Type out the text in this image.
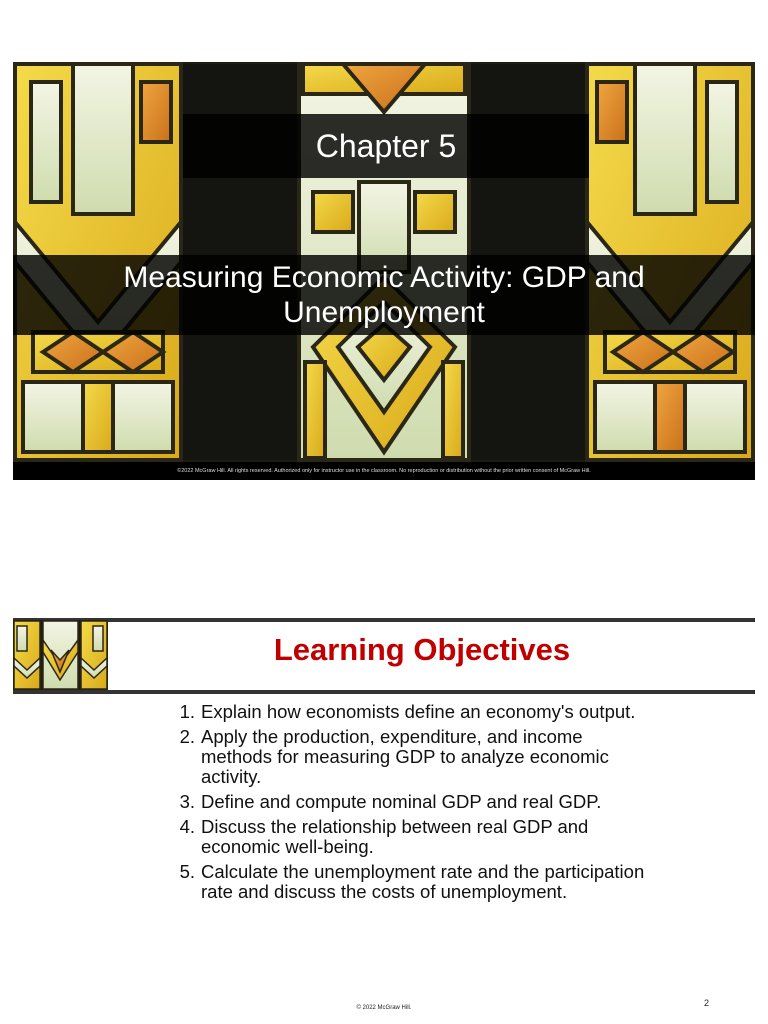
Chapter 5
Measuring Economic Activity: GDP and Unemployment
©2022 McGraw Hill. All rights reserved. Authorized only for instructor use in the classroom. No reproduction or distribution without the prior written consent of McGraw Hill.
Learning Objectives
1. Explain how economists define an economy's output.
2. Apply the production, expenditure, and income methods for measuring GDP to analyze economic activity.
3. Define and compute nominal GDP and real GDP.
4. Discuss the relationship between real GDP and economic well-being.
5. Calculate the unemployment rate and the participation rate and discuss the costs of unemployment.
© 2022 McGraw Hill.	2
